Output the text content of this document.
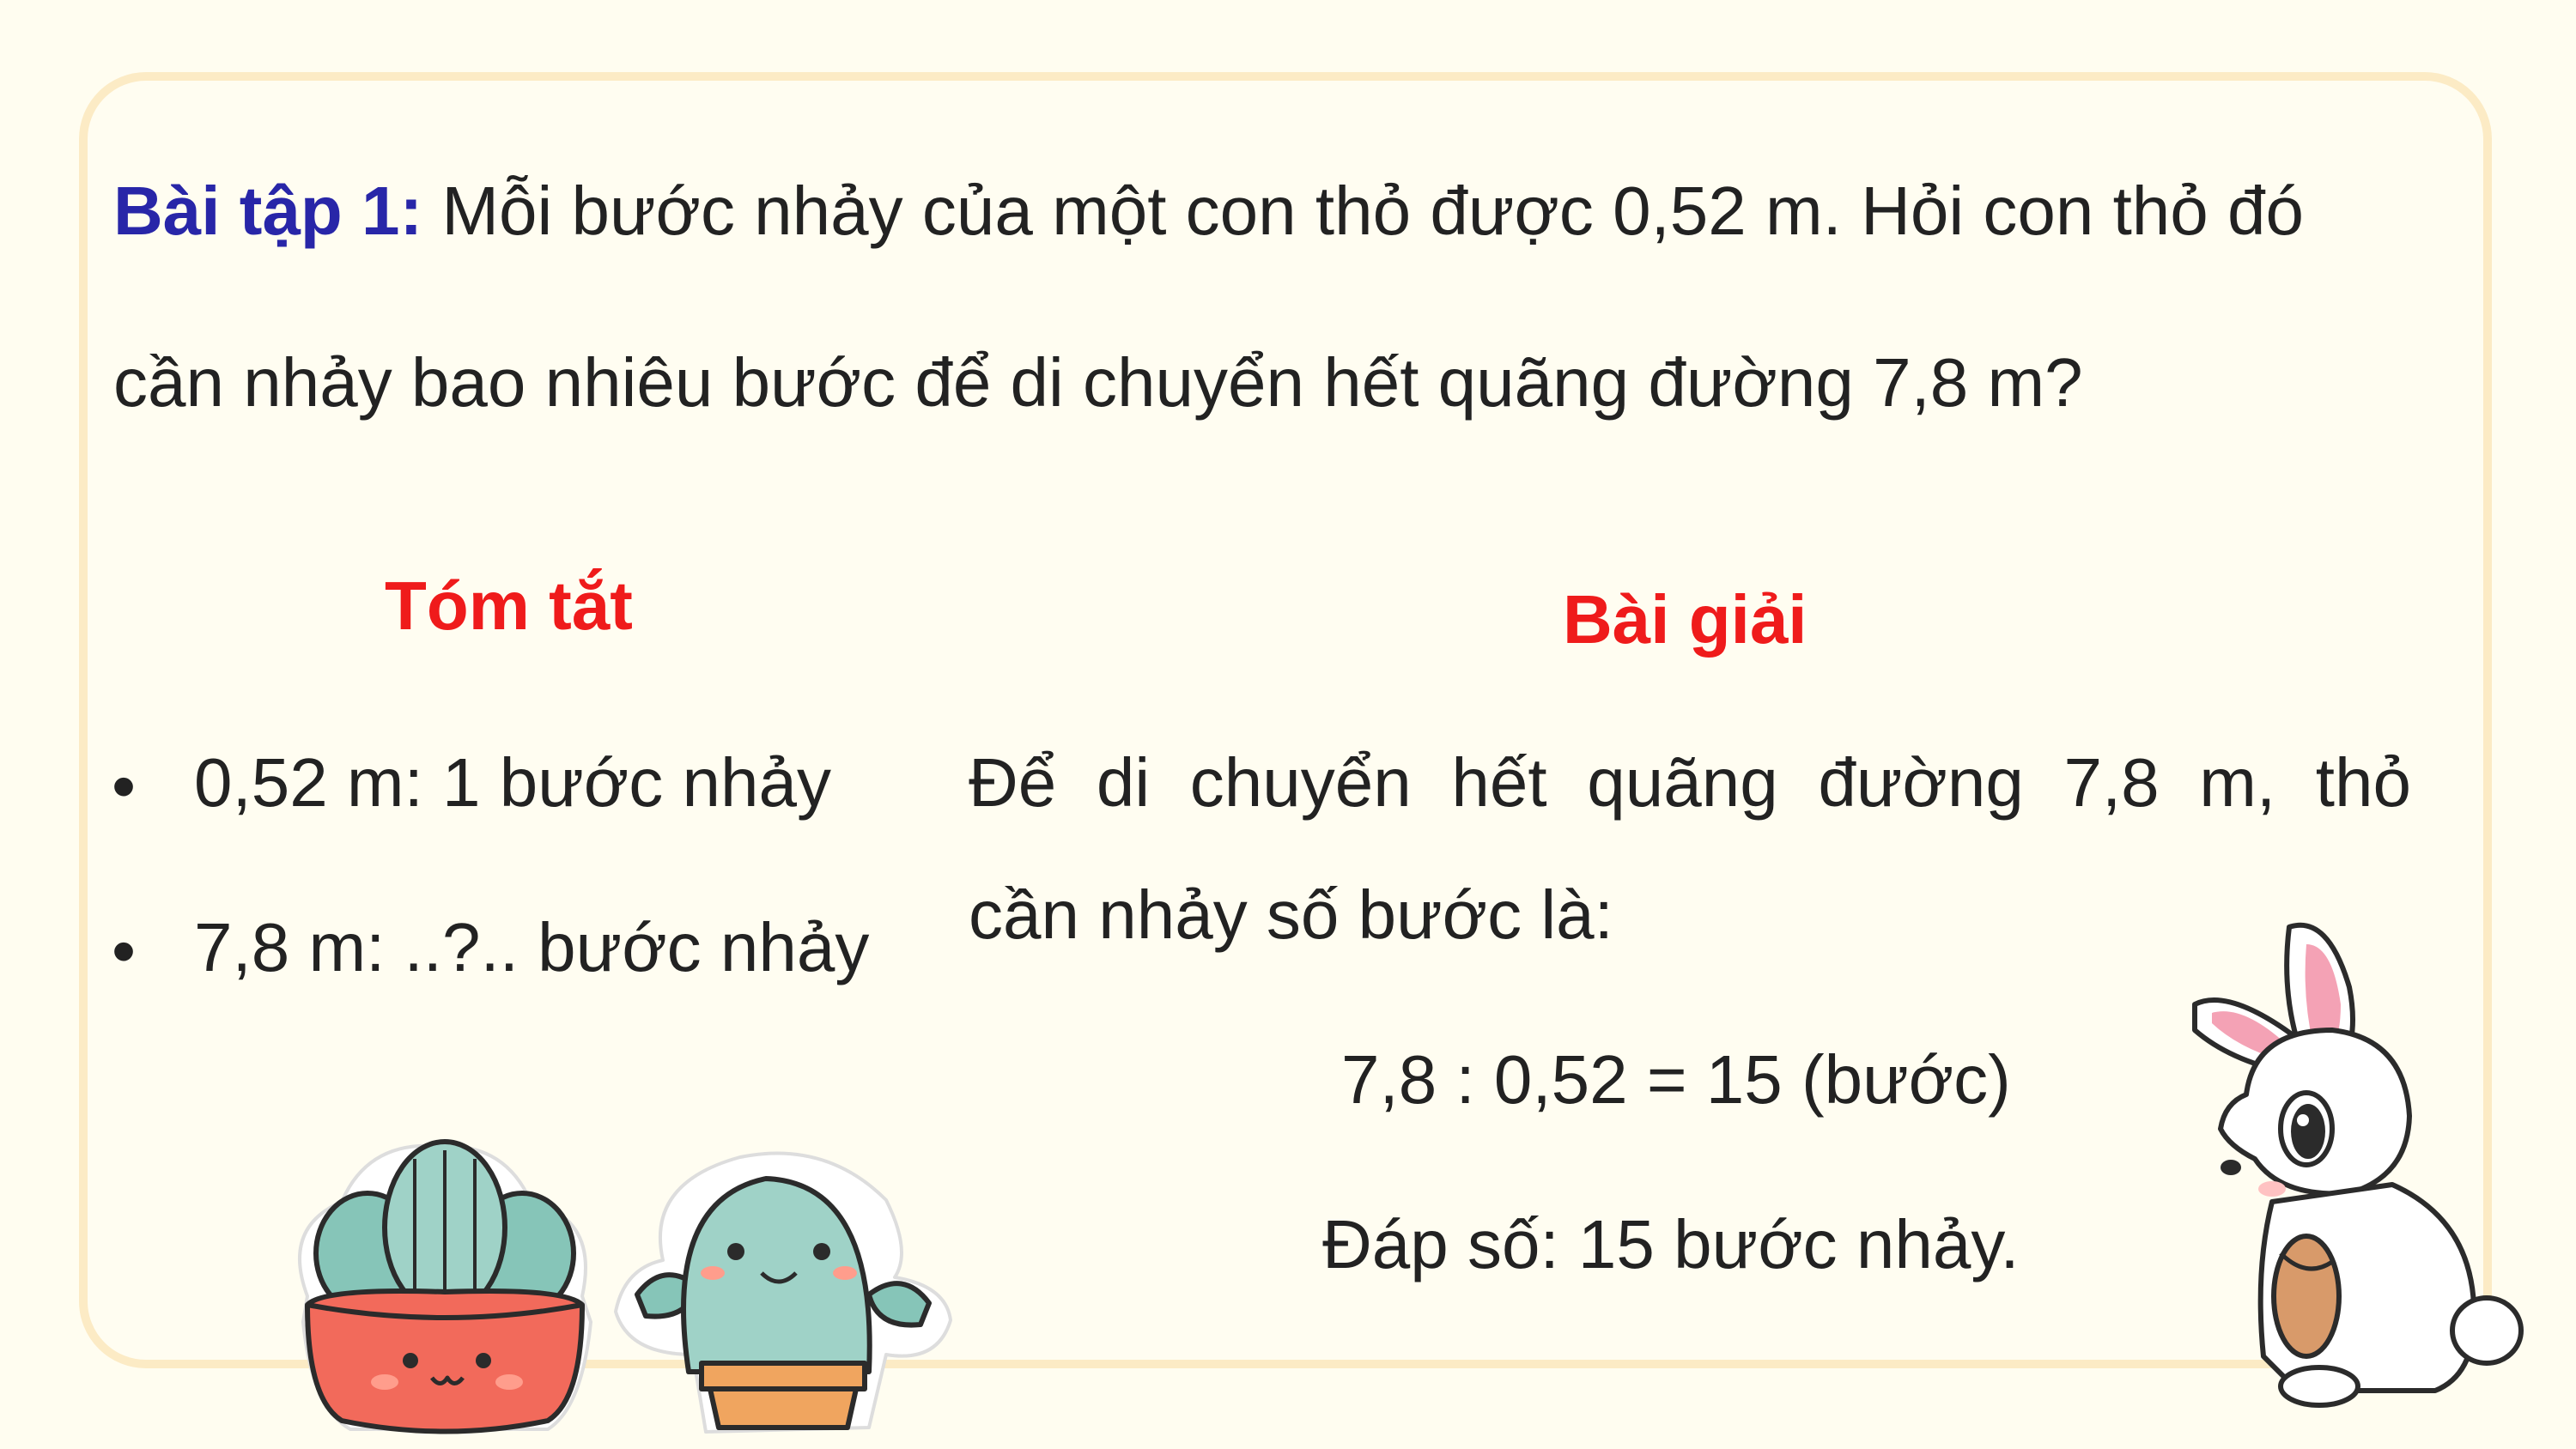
Bài tập 1: Mỗi bước nhảy của một con thỏ được 0,52 m. Hỏi con thỏ đó
cần nhảy bao nhiêu bước để di chuyển hết quãng đường 7,8 m?
Tóm tắt
• 0,52 m: 1 bước nhảy
• 7,8 m: ..?.. bước nhảy
Bài giải
Để di chuyển hết quãng đường 7,8 m, thỏ
cần nhảy số bước là:
7,8 : 0,52 = 15 (bước)
Đáp số: 15 bước nhảy.
